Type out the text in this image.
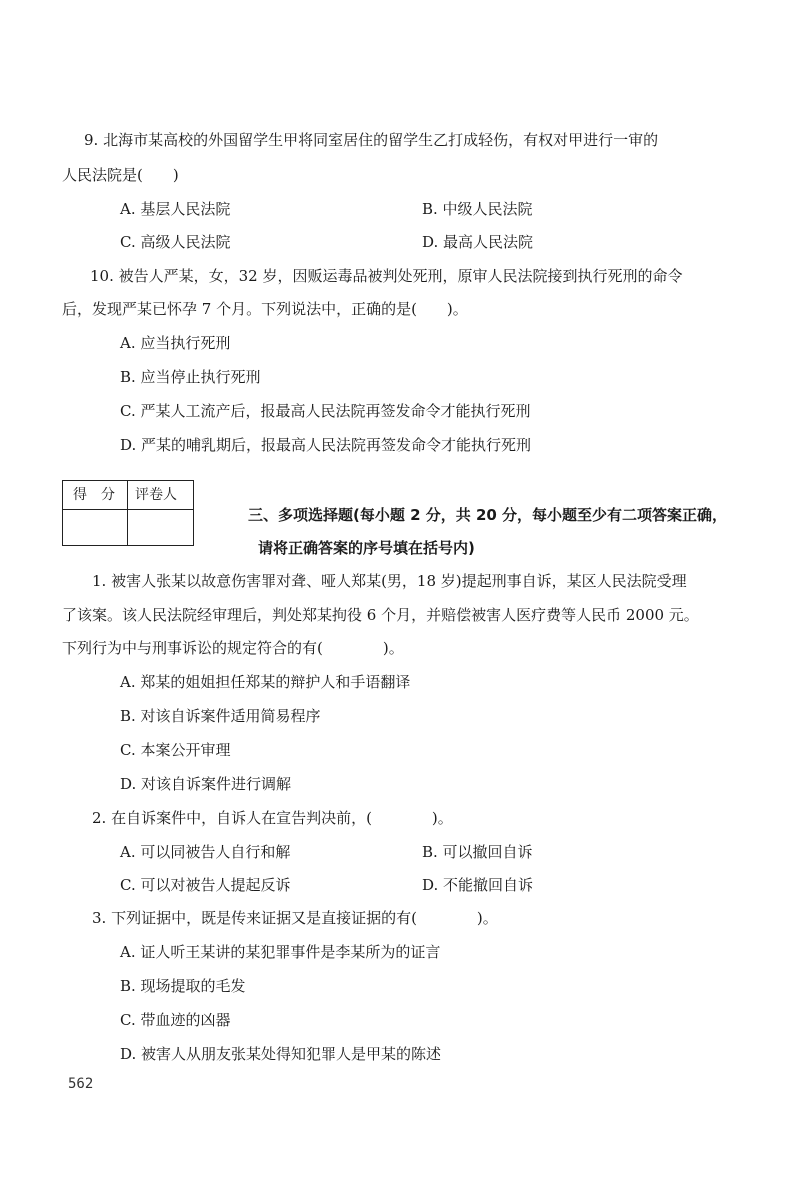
9. 北海市某高校的外国留学生甲将同室居住的留学生乙打成轻伤，有权对甲进行一审的
人民法院是(　　)
A. 基层人民法院	B. 中级人民法院
C. 高级人民法院	D. 最高人民法院
10. 被告人严某，女，32 岁，因贩运毒品被判处死刑，原审人民法院接到执行死刑的命令
后，发现严某已怀孕 7 个月。下列说法中，正确的是(　　)。
A. 应当执行死刑
B. 应当停止执行死刑
C. 严某人工流产后，报最高人民法院再签发命令才能执行死刑
D. 严某的哺乳期后，报最高人民法院再签发命令才能执行死刑
得　分 评卷人
三、多项选择题(每小题 2 分，共 20 分，每小题至少有二项答案正确，
请将正确答案的序号填在括号内)
1. 被害人张某以故意伤害罪对聋、哑人郑某(男，18 岁)提起刑事自诉，某区人民法院受理
了该案。该人民法院经审理后，判处郑某拘役 6 个月，并赔偿被害人医疗费等人民币 2000 元。
下列行为中与刑事诉讼的规定符合的有(　　　　)。
A. 郑某的姐姐担任郑某的辩护人和手语翻译
B. 对该自诉案件适用简易程序
C. 本案公开审理
D. 对该自诉案件进行调解
2. 在自诉案件中，自诉人在宣告判决前，(　　　　)。
A. 可以同被告人自行和解	B. 可以撤回自诉
C. 可以对被告人提起反诉	D. 不能撤回自诉
3. 下列证据中，既是传来证据又是直接证据的有(　　　　)。
A. 证人听王某讲的某犯罪事件是李某所为的证言
B. 现场提取的毛发
C. 带血迹的凶器
D. 被害人从朋友张某处得知犯罪人是甲某的陈述
562
